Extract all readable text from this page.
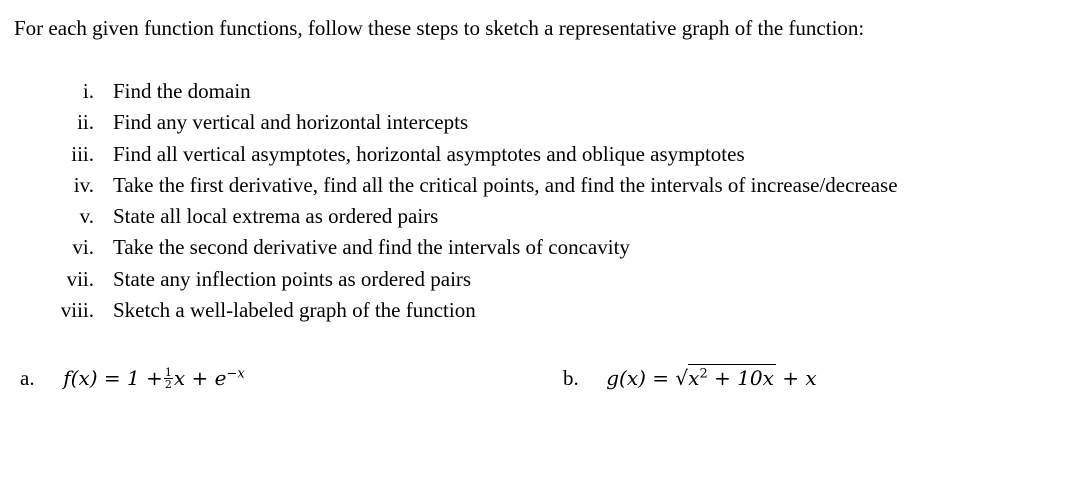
For each given function functions, follow these steps to sketch a representative graph of the function:
i. Find the domain
ii. Find any vertical and horizontal intercepts
iii. Find all vertical asymptotes, horizontal asymptotes and oblique asymptotes
iv. Take the first derivative, find all the critical points, and find the intervals of increase/decrease
v. State all local extrema as ordered pairs
vi. Take the second derivative and find the intervals of concavity
vii. State any inflection points as ordered pairs
viii. Sketch a well-labeled graph of the function
a. $f(x) = 1 + \frac{1}{2}$ $x + e^{-x}$	b. $g(x) = √x^2 + 10x + x$
